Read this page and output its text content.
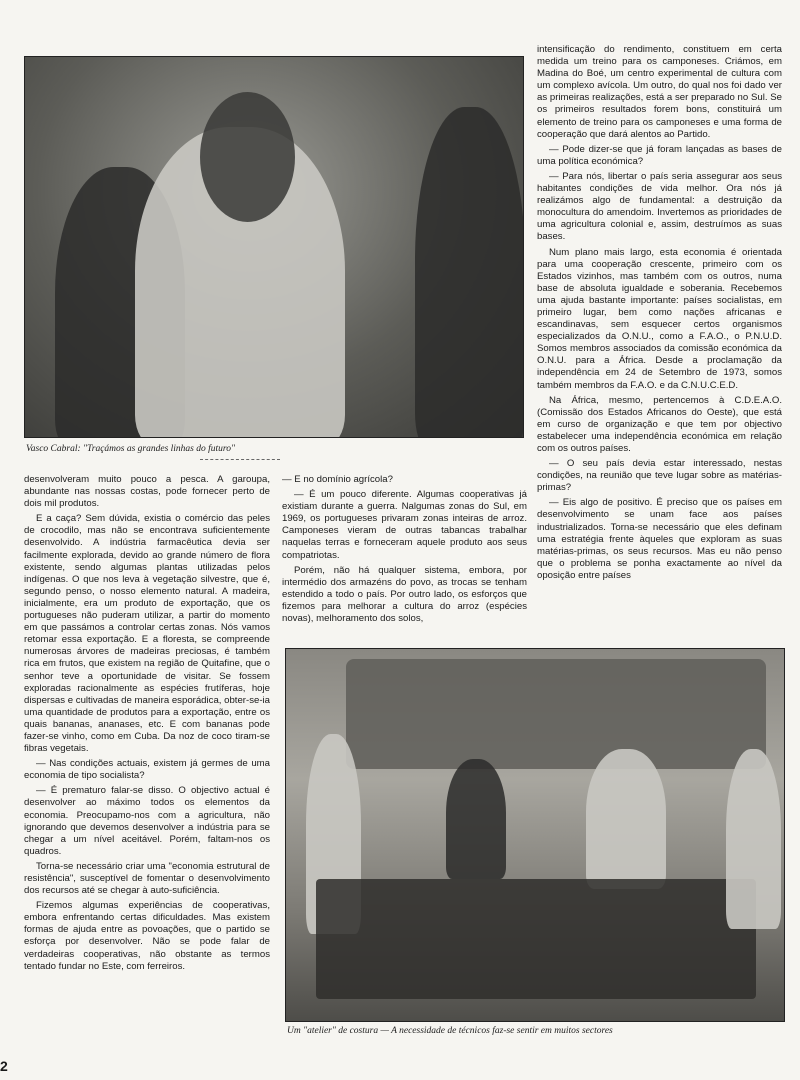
Vasco Cabral: "Traçámos as grandes linhas do futuro"

intensificação do rendimento, constituem em certa medida um treino para os camponeses. Criámos, em Madina do Boé, um centro experimental de cultura com um complexo avícola. Um outro, do qual nos foi dado ver as primeiras realizações, está a ser preparado no Sul. Se os primeiros resultados forem bons, constituirá um elemento de treino para os camponeses e uma forma de cooperação que dará alentos ao Partido.

— Pode dizer-se que já foram lançadas as bases de uma política económica?

— Para nós, libertar o país seria assegurar aos seus habitantes condições de vida melhor. Ora nós já realizámos algo de fundamental: a destruição da monocultura do amendoim. Invertemos as prioridades de uma agricultura colonial e, assim, destruímos as suas bases.

Num plano mais largo, esta economia é orientada para uma cooperação crescente, primeiro com os Estados vizinhos, mas também com os outros, numa base de absoluta igualdade e soberania. Recebemos uma ajuda bastante importante: países socialistas, em primeiro lugar, bem como nações africanas e escandinavas, sem esquecer certos organismos especializados da O.N.U., como a F.A.O., o P.N.U.D. Somos membros associados da comissão económica da O.N.U. para a África. Desde a proclamação da independência em 24 de Setembro de 1973, somos também membros da F.A.O. e da C.N.U.C.E.D.

Na África, mesmo, pertencemos à C.D.E.A.O. (Comissão dos Estados Africanos do Oeste), que está em curso de organização e que tem por objectivo estabelecer uma independência económica em relação com os outros países.

— O seu país devia estar interessado, nestas condições, na reunião que teve lugar sobre as matérias-primas?

— Eis algo de positivo. É preciso que os países em desenvolvimento se unam face aos países industrializados. Torna-se necessário que eles definam uma estratégia frente àqueles que exploram as suas matérias-primas, os seus recursos. Mas eu não penso que o problema se ponha exactamente ao nível da oposição entre países

desenvolveram muito pouco a pesca. A garoupa, abundante nas nossas costas, pode fornecer perto de dois mil produtos.

E a caça? Sem dúvida, existia o comércio das peles de crocodilo, mas não se encontrava suficientemente desenvolvido. A indústria farmacêutica devia ser facilmente explorada, devido ao grande número de flora existente, sendo algumas plantas utilizadas pelos indígenas. O que nos leva à vegetação silvestre, que é, segundo penso, o nosso elemento natural. A madeira, inicialmente, era um produto de exportação, que os portugueses não puderam utilizar, a partir do momento em que passámos a controlar certas zonas. Nós vamos retomar essa exportação. E a floresta, se compreende numerosas árvores de madeiras preciosas, é também rica em frutos, que existem na região de Quitafine, que o senhor teve a oportunidade de visitar. Se fossem exploradas racionalmente as espécies frutíferas, hoje dispersas e cultivadas de maneira esporádica, obter-se-ia uma quantidade de produtos para a exportação, entre os quais bananas, ananases, etc. E com bananas pode fazer-se vinho, como em Cuba. Da noz de coco tiram-se fibras vegetais.

— Nas condições actuais, existem já germes de uma economia de tipo socialista?

— É prematuro falar-se disso. O objectivo actual é desenvolver ao máximo todos os elementos da economia. Preocupamo-nos com a agricultura, não ignorando que devemos desenvolver a indústria para se chegar a um nível aceitável. Porém, faltam-nos os quadros.

Torna-se necessário criar uma "economia estrutural de resistência", susceptível de fomentar o desenvolvimento dos recursos até se chegar à auto-suficiência.

Fizemos algumas experiências de cooperativas, embora enfrentando certas dificuldades. Mas existem formas de ajuda entre as povoações, que o partido se esforça por desenvolver. Não se pode falar de verdadeiras cooperativas, não obstante as termos tentado fundar no Este, com ferreiros.

— E no domínio agrícola?

— É um pouco diferente. Algumas cooperativas já existiam durante a guerra. Nalgumas zonas do Sul, em 1969, os portugueses privaram zonas inteiras de arroz. Camponeses vieram de outras tabancas trabalhar naquelas terras e forneceram aquele produto aos seus compatriotas.

Porém, não há qualquer sistema, embora, por intermédio dos armazéns do povo, as trocas se tenham estendido a todo o país. Por outro lado, os esforços que fizemos para melhorar a cultura do arroz (espécies novas), melhoramento dos solos,

Um "atelier" de costura — A necessidade de técnicos faz-se sentir em muitos sectores
2
